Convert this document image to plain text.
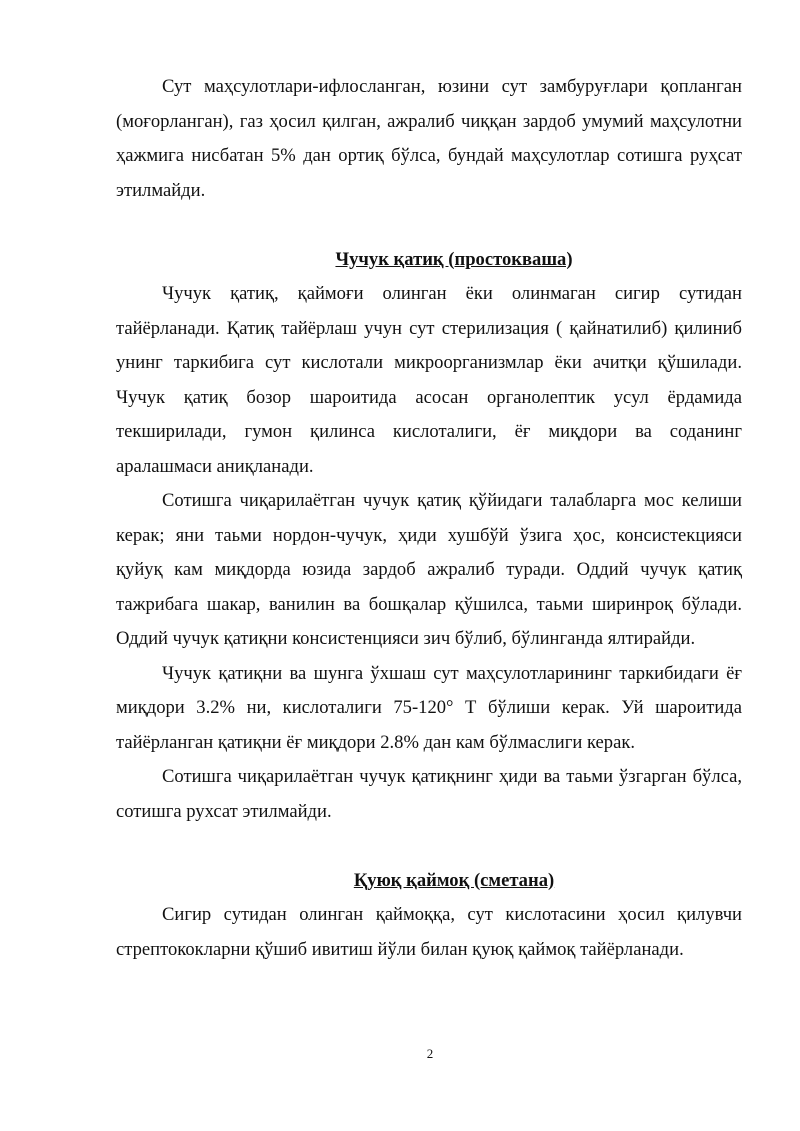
Сут маҳсулотлари-ифлосланган, юзини сут замбуруғлари қопланган (моғорланган), газ ҳосил қилган, ажралиб чиққан зардоб умумий маҳсулотни ҳажмига нисбатан 5% дан ортиқ бўлса, бундай маҳсулотлар сотишга руҳсат этилмайди.

Чучук қатиқ (простокваша)

Чучук қатиқ, қаймоғи олинган ёки олинмаган сигир сутидан тайёрланади. Қатиқ тайёрлаш учун сут стерилизация ( қайнатилиб) қилиниб унинг таркибига сут кислотали микроорганизмлар ёки ачитқи қўшилади. Чучук қатиқ бозор шароитида асосан органолептик усул ёрдамида текширилади, гумон қилинса кислоталиги, ёғ миқдори ва соданинг аралашмаси аниқланади.

Сотишга чиқарилаётган чучук қатиқ қўйидаги талабларга мос келиши керак; яни таьми нордон-чучук, ҳиди хушбўй ўзига ҳос, консистекцияси қуйуқ кам миқдорда юзида зардоб ажралиб туради. Оддий чучук қатиқ тажрибага шакар, ванилин ва бошқалар қўшилса, таьми ширинроқ бўлади. Оддий чучук қатиқни консистенцияси зич бўлиб, бўлинганда ялтирайди.

Чучук қатиқни ва шунга ўхшаш сут маҳсулотларининг таркибидаги ёғ миқдори 3.2% ни, кислоталиги 75-120° Т бўлиши керак. Уй шароитида тайёрланган қатиқни ёғ миқдори 2.8% дан кам бўлмаслиги керак.

Сотишга чиқарилаётган чучук қатиқнинг ҳиди ва таьми ўзгарган бўлса, сотишга рухсат этилмайди.

Қуюқ қаймоқ (сметана)

Сигир сутидан олинган қаймоққа, сут кислотасини ҳосил қилувчи стрептококларни қўшиб ивитиш йўли билан қуюқ қаймоқ тайёрланади.

2
